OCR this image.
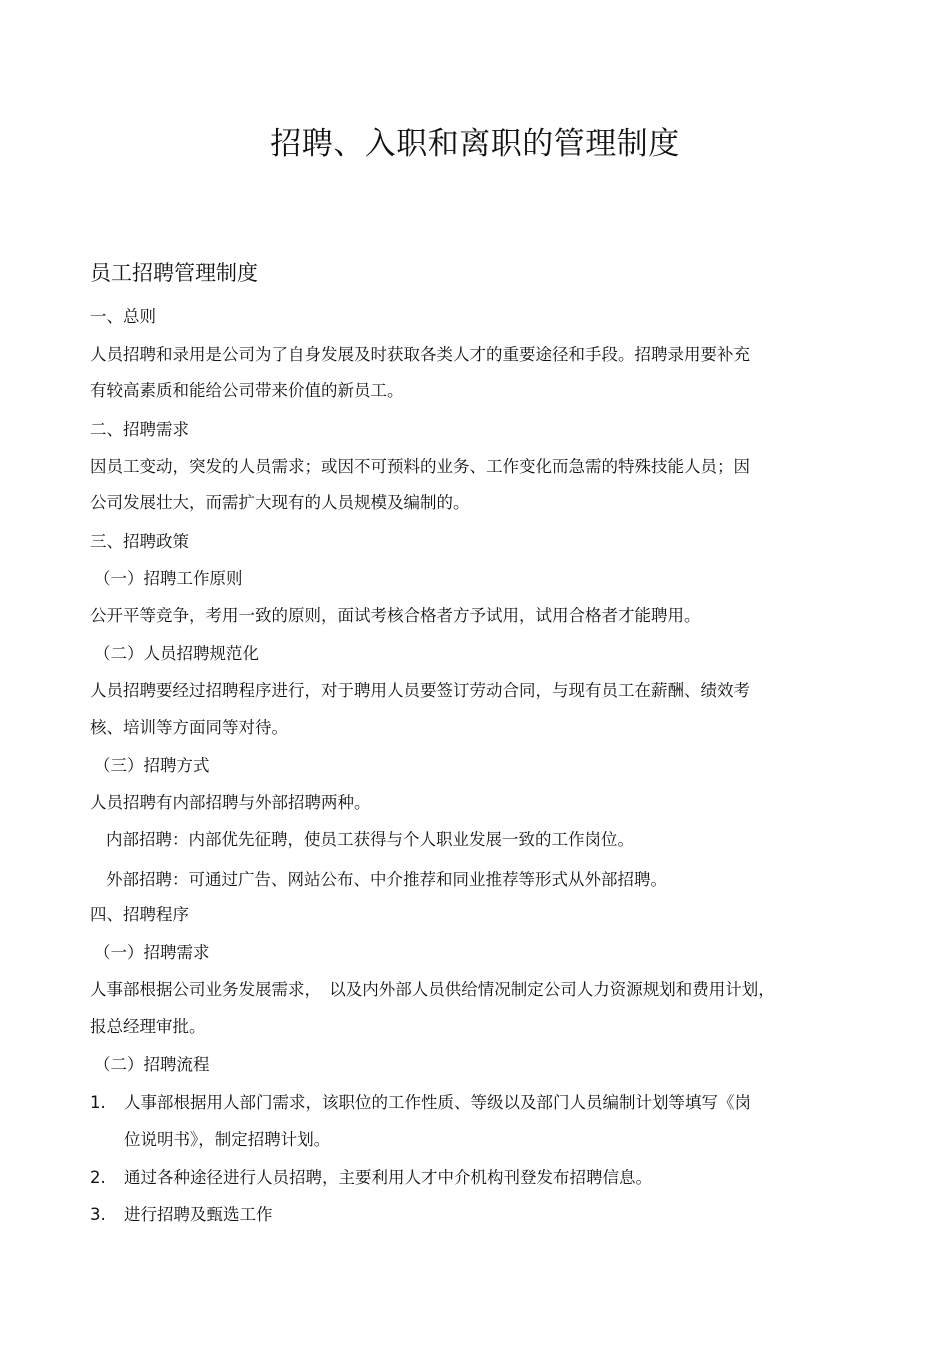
招聘、入职和离职的管理制度
员工招聘管理制度
一、总则
人员招聘和录用是公司为了自身发展及时获取各类人才的重要途径和手段。招聘录用要补充
有较高素质和能给公司带来价值的新员工。
二、招聘需求
因员工变动，突发的人员需求；或因不可预料的业务、工作变化而急需的特殊技能人员；因
公司发展壮大，而需扩大现有的人员规模及编制的。
三、招聘政策
（一）招聘工作原则
公开平等竞争，考用一致的原则，面试考核合格者方予试用，试用合格者才能聘用。
（二）人员招聘规范化
人员招聘要经过招聘程序进行，对于聘用人员要签订劳动合同，与现有员工在薪酬、绩效考
核、培训等方面同等对待。
（三）招聘方式
人员招聘有内部招聘与外部招聘两种。
内部招聘：内部优先征聘，使员工获得与个人职业发展一致的工作岗位。
外部招聘：可通过广告、网站公布、中介推荐和同业推荐等形式从外部招聘。
四、招聘程序
（一）招聘需求
人事部根据公司业务发展需求，　以及内外部人员供给情况制定公司人力资源规划和费用计划，
报总经理审批。
（二）招聘流程
1. 人事部根据用人部门需求，该职位的工作性质、等级以及部门人员编制计划等填写《岗
位说明书》，制定招聘计划。
2. 通过各种途径进行人员招聘，主要利用人才中介机构刊登发布招聘信息。
3. 进行招聘及甄选工作
